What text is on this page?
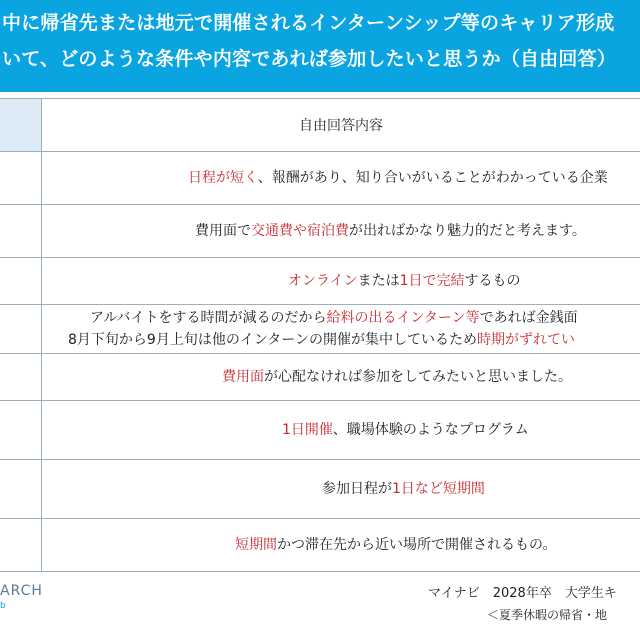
中に帰省先または地元で開催されるインターンシップ等のキャリア形成
いて、どのような条件や内容であれば参加したいと思うか（自由回答）
自由回答内容
日程が短く、報酬があり、知り合いがいることがわかっている企業
費用面で交通費や宿泊費が出ればかなり魅力的だと考えます。
オンラインまたは1日で完結するもの
アルバイトをする時間が減るのだから給料の出るインターン等であれば金銭面
8月下旬から9月上旬は他のインターンの開催が集中しているため時期がずれてい
費用面が心配なければ参加をしてみたいと思いました。
1日開催、職場体験のようなプログラム
参加日程が1日など短期間
短期間かつ滞在先から近い場所で開催されるもの。
ARCH
b
マイナビ　2028年卒　大学生キ
＜夏季休暇の帰省・地
